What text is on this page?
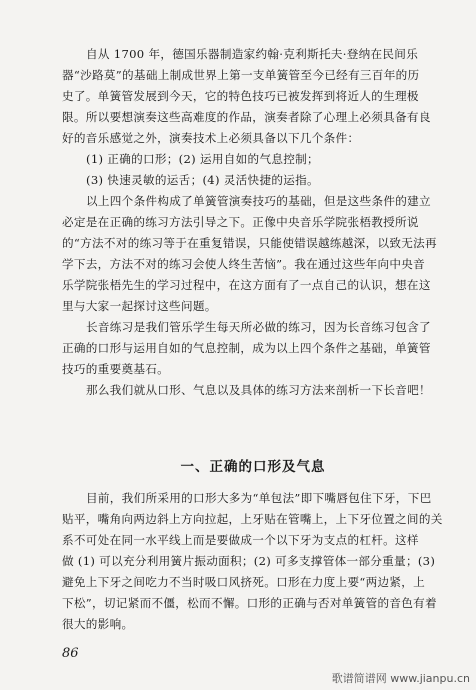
自从 1700 年，德国乐器制造家约翰·克利斯托夫·登纳在民间乐
器“沙路莫”的基础上制成世界上第一支单簧管至今已经有三百年的历
史了。单簧管发展到今天，它的特色技巧已被发挥到将近人的生理极
限。所以要想演奏这些高难度的作品，演奏者除了心理上必须具备有良
好的音乐感觉之外，演奏技术上必须具备以下几个条件：
(1) 正确的口形；(2) 运用自如的气息控制；
(3) 快速灵敏的运舌；(4) 灵活快捷的运指。
以上四个条件构成了单簧管演奏技巧的基础，但是这些条件的建立
必定是在正确的练习方法引导之下。正像中央音乐学院张梧教授所说
的“方法不对的练习等于在重复错误，只能使错误越练越深，以致无法再
学下去，方法不对的练习会使人终生苦恼”。我在通过这些年向中央音
乐学院张梧先生的学习过程中，在这方面有了一点自己的认识，想在这
里与大家一起探讨这些问题。
长音练习是我们管乐学生每天所必做的练习，因为长音练习包含了
正确的口形与运用自如的气息控制，成为以上四个条件之基础，单簧管
技巧的重要奠基石。
那么我们就从口形、气息以及具体的练习方法来剖析一下长音吧！
一、正确的口形及气息
目前，我们所采用的口形大多为“单包法”即下嘴唇包住下牙，下巴
贴平，嘴角向两边斜上方向拉起，上牙贴在管嘴上，上下牙位置之间的关
系不可处在同一水平线上而是要做成一个以下牙为支点的杠杆。这样
做 (1) 可以充分利用簧片振动面积；(2) 可多支撑管体一部分重量；(3)
避免上下牙之间吃力不当时吸口风挤死。口形在力度上要“两边紧，上
下松”，切记紧而不僵，松而不懈。口形的正确与否对单簧管的音色有着
很大的影响。
86
歌谱简谱网 www.jianpu.cn
